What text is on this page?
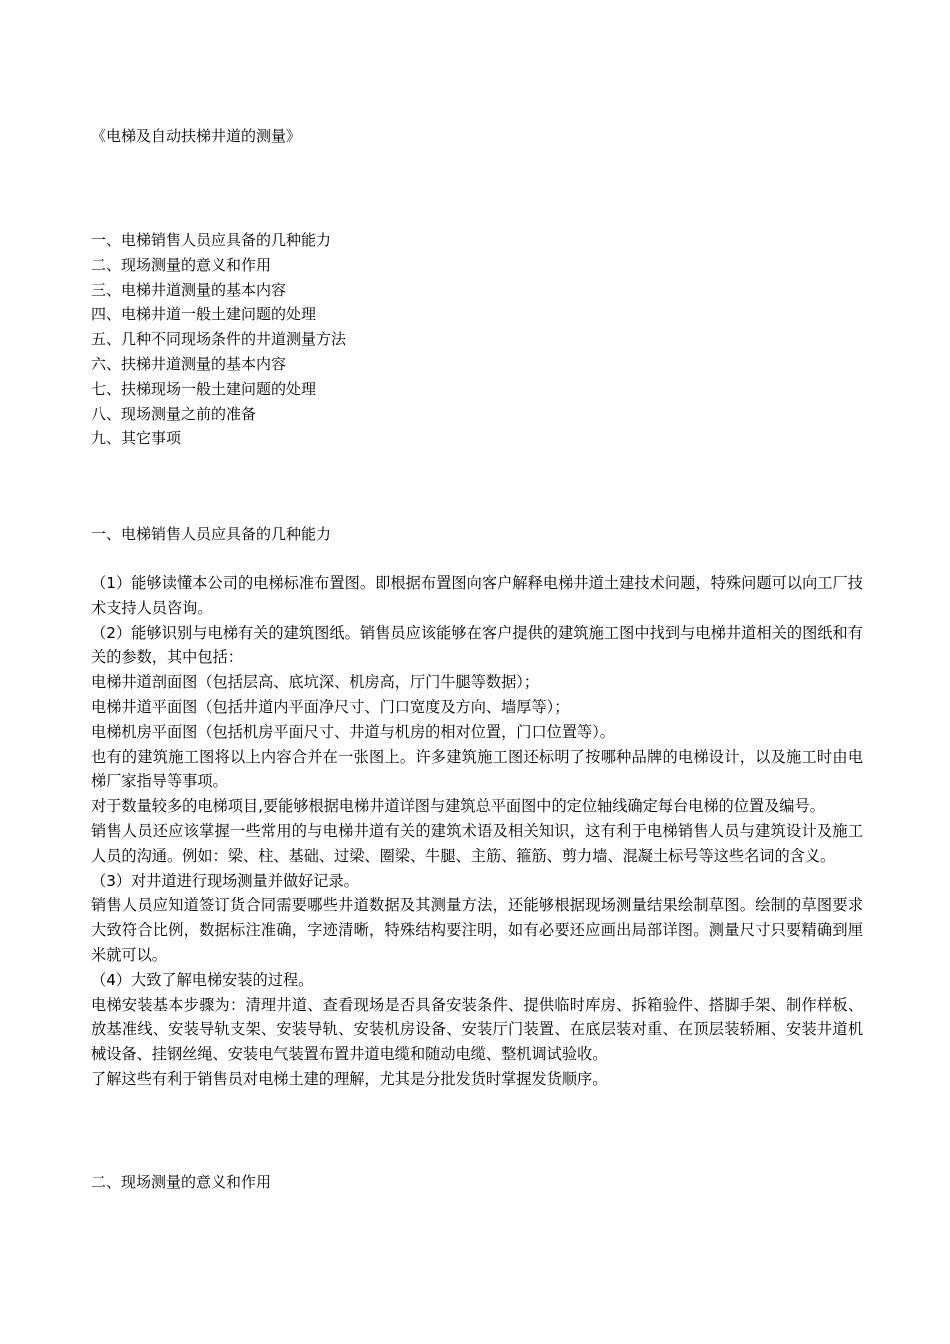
《电梯及自动扶梯井道的测量》
一、电梯销售人员应具备的几种能力
二、现场测量的意义和作用
三、电梯井道测量的基本内容
四、电梯井道一般土建问题的处理
五、几种不同现场条件的井道测量方法
六、扶梯井道测量的基本内容
七、扶梯现场一般土建问题的处理
八、现场测量之前的准备
九、其它事项
一、电梯销售人员应具备的几种能力

（1）能够读懂本公司的电梯标准布置图。即根据布置图向客户解释电梯井道土建技术问题，特殊问题可以向工厂技术支持人员咨询。

（2）能够识别与电梯有关的建筑图纸。销售员应该能够在客户提供的建筑施工图中找到与电梯井道相关的图纸和有关的参数，其中包括：

电梯井道剖面图（包括层高、底坑深、机房高，厅门牛腿等数据）；

电梯井道平面图（包括井道内平面净尺寸、门口宽度及方向、墙厚等）；

电梯机房平面图（包括机房平面尺寸、井道与机房的相对位置，门口位置等）。

也有的建筑施工图将以上内容合并在一张图上。许多建筑施工图还标明了按哪种品牌的电梯设计，以及施工时由电梯厂家指导等事项。

对于数量较多的电梯项目,要能够根据电梯井道详图与建筑总平面图中的定位轴线确定每台电梯的位置及编号。

销售人员还应该掌握一些常用的与电梯井道有关的建筑术语及相关知识，这有利于电梯销售人员与建筑设计及施工人员的沟通。例如：梁、柱、基础、过梁、圈梁、牛腿、主筋、箍筋、剪力墙、混凝土标号等这些名词的含义。

（3）对井道进行现场测量并做好记录。

销售人员应知道签订货合同需要哪些井道数据及其测量方法，还能够根据现场测量结果绘制草图。绘制的草图要求大致符合比例，数据标注准确，字迹清晰，特殊结构要注明，如有必要还应画出局部详图。测量尺寸只要精确到厘米就可以。

（4）大致了解电梯安装的过程。

电梯安装基本步骤为：清理井道、查看现场是否具备安装条件、提供临时库房、拆箱验件、搭脚手架、制作样板、放基准线、安装导轨支架、安装导轨、安装机房设备、安装厅门装置、在底层装对重、在顶层装轿厢、安装井道机械设备、挂钢丝绳、安装电气装置布置井道电缆和随动电缆、整机调试验收。

了解这些有利于销售员对电梯土建的理解，尤其是分批发货时掌握发货顺序。

二、现场测量的意义和作用
